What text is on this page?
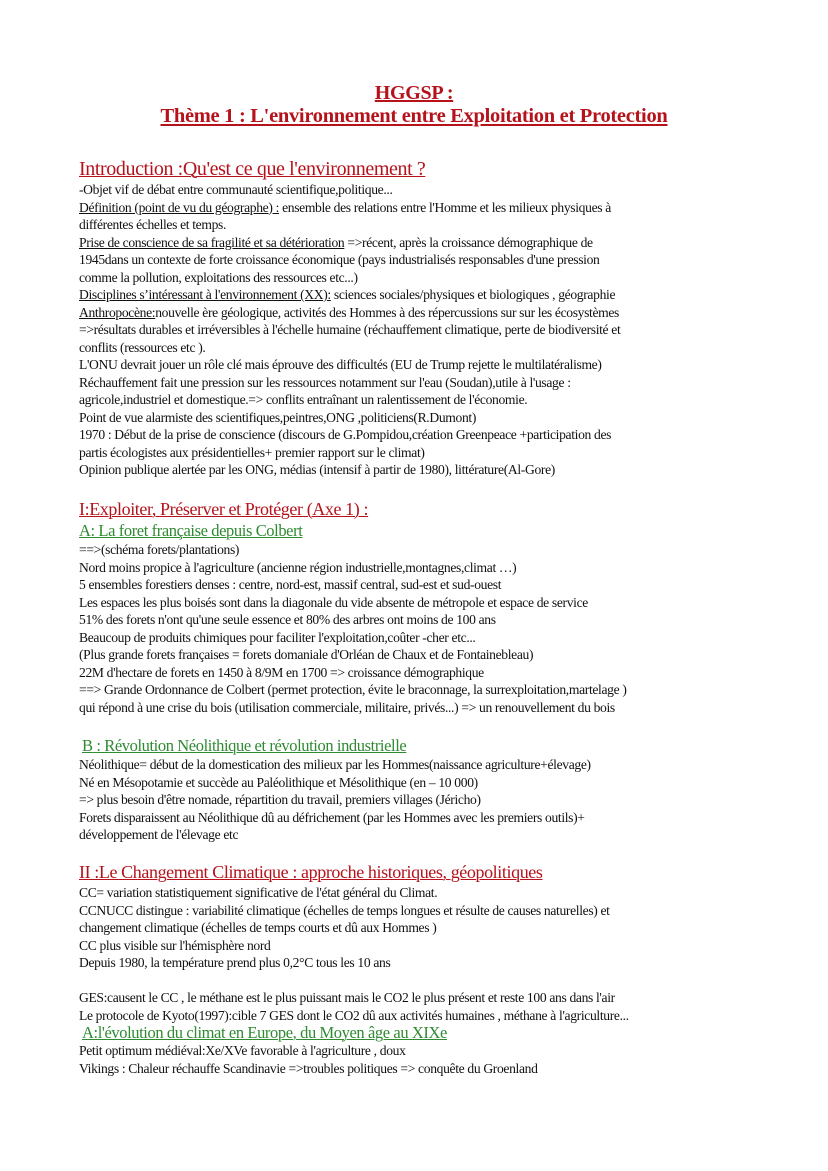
HGGSP :
Thème 1 : L'environnement entre Exploitation et Protection
Introduction :Qu'est ce que l'environnement ?
-Objet vif de débat entre communauté scientifique,politique...
Définition (point de vu du géographe) : ensemble des relations entre l'Homme et les milieux physiques à
différentes échelles et temps.
Prise de conscience de sa fragilité et sa détérioration =>récent, après la croissance démographique de
1945dans un contexte de forte croissance économique (pays industrialisés responsables d'une pression
comme la pollution, exploitations des ressources etc...)
Disciplines s’intéressant à l'environnement (XX): sciences sociales/physiques et biologiques , géographie
Anthropocène:nouvelle ère géologique, activités des Hommes à des répercussions sur sur les écosystèmes
=>résultats durables et irréversibles à l'échelle humaine (réchauffement climatique, perte de biodiversité et
conflits (ressources etc ).
L'ONU devrait jouer un rôle clé mais éprouve des difficultés (EU de Trump rejette le multilatéralisme)
Réchauffement fait une pression sur les ressources notamment sur l'eau (Soudan),utile à l'usage :
agricole,industriel et domestique.=> conflits entraînant un ralentissement de l'économie.
Point de vue alarmiste des scientifiques,peintres,ONG ,politiciens(R.Dumont)
1970 : Début de la prise de conscience (discours de G.Pompidou,création Greenpeace +participation des
partis écologistes aux présidentielles+ premier rapport sur le climat)
Opinion publique alertée par les ONG, médias (intensif à partir de 1980), littérature(Al-Gore)
I:Exploiter, Préserver et Protéger (Axe 1) :
A: La foret française depuis Colbert
==>(schéma forets/plantations)
Nord moins propice à l'agriculture (ancienne région industrielle,montagnes,climat …)
5 ensembles forestiers denses : centre, nord-est, massif central, sud-est et sud-ouest
Les espaces les plus boisés sont dans la diagonale du vide absente de métropole et espace de service
51% des forets n'ont qu'une seule essence et 80% des arbres ont moins de 100 ans
Beaucoup de produits chimiques pour faciliter l'exploitation,coûter -cher etc...
(Plus grande forets françaises = forets domaniale d'Orléan de Chaux et de Fontainebleau)
22M d'hectare de forets en 1450 à 8/9M en 1700 => croissance démographique
==> Grande Ordonnance de Colbert (permet protection, évite le braconnage, la surrexploitation,martelage )
qui répond à une crise du bois (utilisation commerciale, militaire, privés...) => un renouvellement du bois
B : Révolution Néolithique et révolution industrielle
Néolithique= début de la domestication des milieux par les Hommes(naissance agriculture+élevage)
Né en Mésopotamie et succède au Paléolithique et Mésolithique (en – 10 000)
=> plus besoin d'être nomade, répartition du travail, premiers villages (Jéricho)
Forets disparaissent au Néolithique dû au défrichement (par les Hommes avec les premiers outils)+
développement de l'élevage etc
II :Le Changement Climatique : approche historiques, géopolitiques
CC= variation statistiquement significative de l'état général du Climat.
CCNUCC distingue : variabilité climatique (échelles de temps longues et résulte de causes naturelles) et
changement climatique (échelles de temps courts et dû aux Hommes )
CC plus visible sur l'hémisphère nord
Depuis 1980, la température prend plus 0,2°C tous les 10 ans
GES:causent le CC , le méthane est le plus puissant mais le CO2 le plus présent et reste 100 ans dans l'air
Le protocole de Kyoto(1997):cible 7 GES dont le CO2 dû aux activités humaines , méthane à l'agriculture...
A:l'évolution du climat en Europe, du Moyen âge au XIXe
Petit optimum médiéval:Xe/XVe favorable à l'agriculture , doux
Vikings : Chaleur réchauffe Scandinavie =>troubles politiques => conquête du Groenland
